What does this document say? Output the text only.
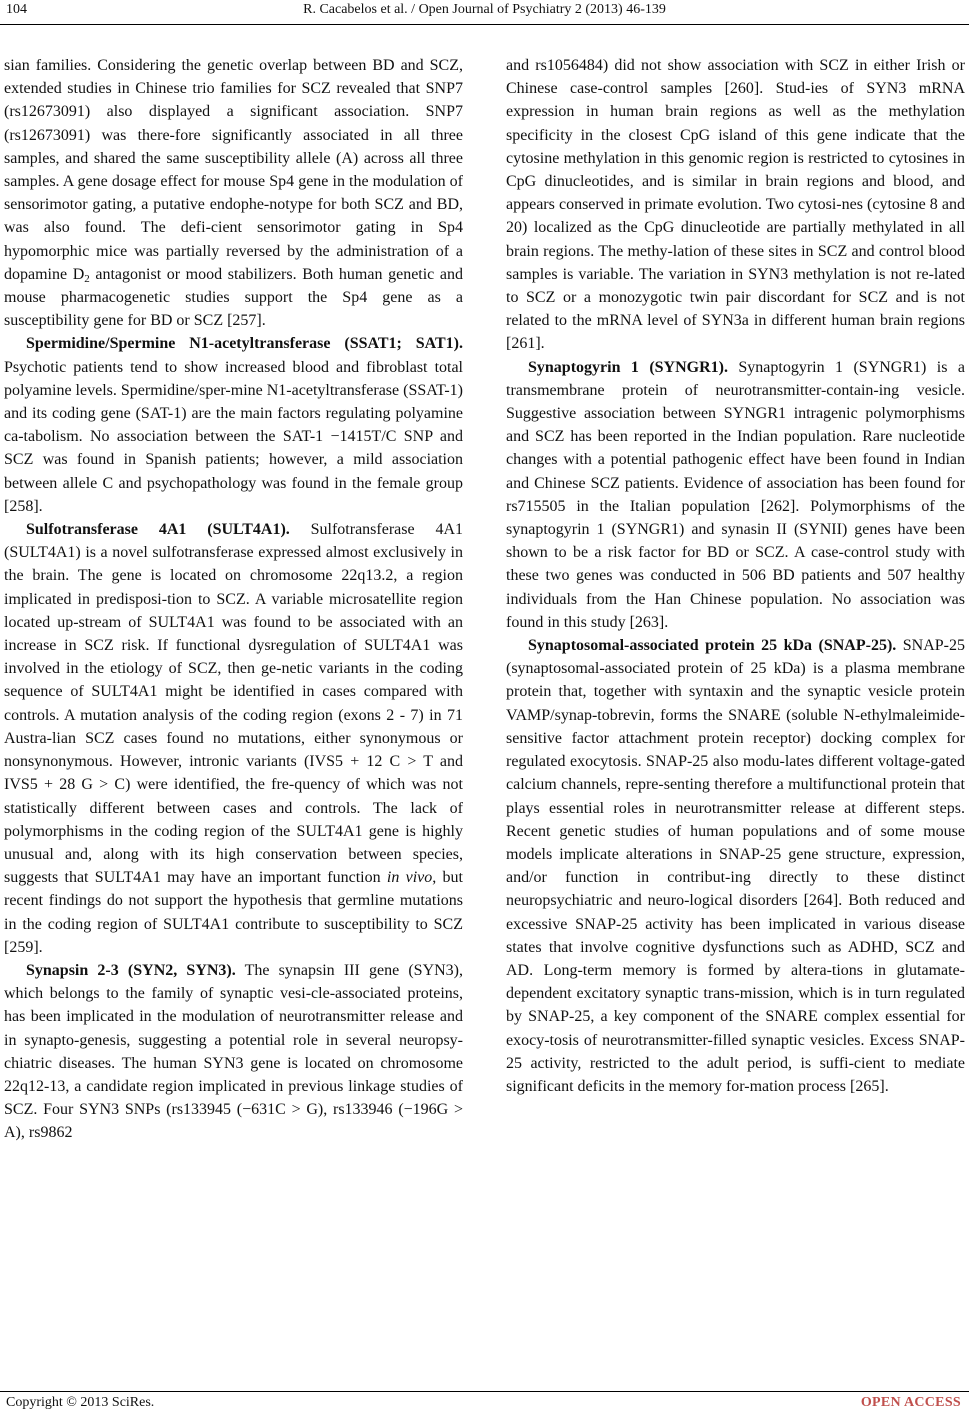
104	R. Cacabelos et al. / Open Journal of Psychiatry 2 (2013) 46-139

sian families. Considering the genetic overlap between BD and SCZ, extended studies in Chinese trio families for SCZ revealed that SNP7 (rs12673091) also displayed a significant association. SNP7 (rs12673091) was there-fore significantly associated in all three samples, and shared the same susceptibility allele (A) across all three samples. A gene dosage effect for mouse Sp4 gene in the modulation of sensorimotor gating, a putative endophe-notype for both SCZ and BD, was also found. The defi-cient sensorimotor gating in Sp4 hypomorphic mice was partially reversed by the administration of a dopamine $D_2$ antagonist or mood stabilizers. Both human genetic and mouse pharmacogenetic studies support the Sp4 gene as a susceptibility gene for BD or SCZ [257].

Spermidine/Spermine N1-acetyltransferase (SSAT1; SAT1). Psychotic patients tend to show increased blood and fibroblast total polyamine levels. Spermidine/sper-mine N1-acetyltransferase (SSAT-1) and its coding gene (SAT-1) are the main factors regulating polyamine ca-tabolism. No association between the SAT-1 −1415T/C SNP and SCZ was found in Spanish patients; however, a mild association between allele C and psychopathology was found in the female group [258].

Sulfotransferase 4A1 (SULT4A1). Sulfotransferase 4A1 (SULT4A1) is a novel sulfotransferase expressed almost exclusively in the brain. The gene is located on chromosome 22q13.2, a region implicated in predisposi-tion to SCZ. A variable microsatellite region located up-stream of SULT4A1 was found to be associated with an increase in SCZ risk. If functional dysregulation of SULT4A1 was involved in the etiology of SCZ, then ge-netic variants in the coding sequence of SULT4A1 might be identified in cases compared with controls. A mutation analysis of the coding region (exons 2 - 7) in 71 Austra-lian SCZ cases found no mutations, either synonymous or nonsynonymous. However, intronic variants (IVS5 + 12 C > T and IVS5 + 28 G > C) were identified, the fre-quency of which was not statistically different between cases and controls. The lack of polymorphisms in the coding region of the SULT4A1 gene is highly unusual and, along with its high conservation between species, suggests that SULT4A1 may have an important function in vivo, but recent findings do not support the hypothesis that germline mutations in the coding region of SULT4A1 contribute to susceptibility to SCZ [259].

Synapsin 2-3 (SYN2, SYN3). The synapsin III gene (SYN3), which belongs to the family of synaptic vesi-cle-associated proteins, has been implicated in the modulation of neurotransmitter release and in synapto-genesis, suggesting a potential role in several neuropsy-chiatric diseases. The human SYN3 gene is located on chromosome 22q12-13, a candidate region implicated in previous linkage studies of SCZ. Four SYN3 SNPs (rs133945 (−631C > G), rs133946 (−196G > A), rs9862

and rs1056484) did not show association with SCZ in either Irish or Chinese case-control samples [260]. Stud-ies of SYN3 mRNA expression in human brain regions as well as the methylation specificity in the closest CpG island of this gene indicate that the cytosine methylation in this genomic region is restricted to cytosines in CpG dinucleotides, and is similar in brain regions and blood, and appears conserved in primate evolution. Two cytosi-nes (cytosine 8 and 20) localized as the CpG dinucleotide are partially methylated in all brain regions. The methy-lation of these sites in SCZ and control blood samples is variable. The variation in SYN3 methylation is not re-lated to SCZ or a monozygotic twin pair discordant for SCZ and is not related to the mRNA level of SYN3a in different human brain regions [261].

Synaptogyrin 1 (SYNGR1). Synaptogyrin 1 (SYNGR1) is a transmembrane protein of neurotransmitter-contain-ing vesicle. Suggestive association between SYNGR1 intragenic polymorphisms and SCZ has been reported in the Indian population. Rare nucleotide changes with a potential pathogenic effect have been found in Indian and Chinese SCZ patients. Evidence of association has been found for rs715505 in the Italian population [262]. Polymorphisms of the synaptogyrin 1 (SYNGR1) and synasin II (SYNII) genes have been shown to be a risk factor for BD or SCZ. A case-control study with these two genes was conducted in 506 BD patients and 507 healthy individuals from the Han Chinese population. No association was found in this study [263].

Synaptosomal-associated protein 25 kDa (SNAP-25). SNAP-25 (synaptosomal-associated protein of 25 kDa) is a plasma membrane protein that, together with syntaxin and the synaptic vesicle protein VAMP/synap-tobrevin, forms the SNARE (soluble N-ethylmaleimide-sensitive factor attachment protein receptor) docking complex for regulated exocytosis. SNAP-25 also modu-lates different voltage-gated calcium channels, repre-senting therefore a multifunctional protein that plays essential roles in neurotransmitter release at different steps. Recent genetic studies of human populations and of some mouse models implicate alterations in SNAP-25 gene structure, expression, and/or function in contribut-ing directly to these distinct neuropsychiatric and neuro-logical disorders [264]. Both reduced and excessive SNAP-25 activity has been implicated in various disease states that involve cognitive dysfunctions such as ADHD, SCZ and AD. Long-term memory is formed by altera-tions in glutamate-dependent excitatory synaptic trans-mission, which is in turn regulated by SNAP-25, a key component of the SNARE complex essential for exocy-tosis of neurotransmitter-filled synaptic vesicles. Excess SNAP-25 activity, restricted to the adult period, is suffi-cient to mediate significant deficits in the memory for-mation process [265].

Copyright © 2013 SciRes.	OPEN ACCESS
